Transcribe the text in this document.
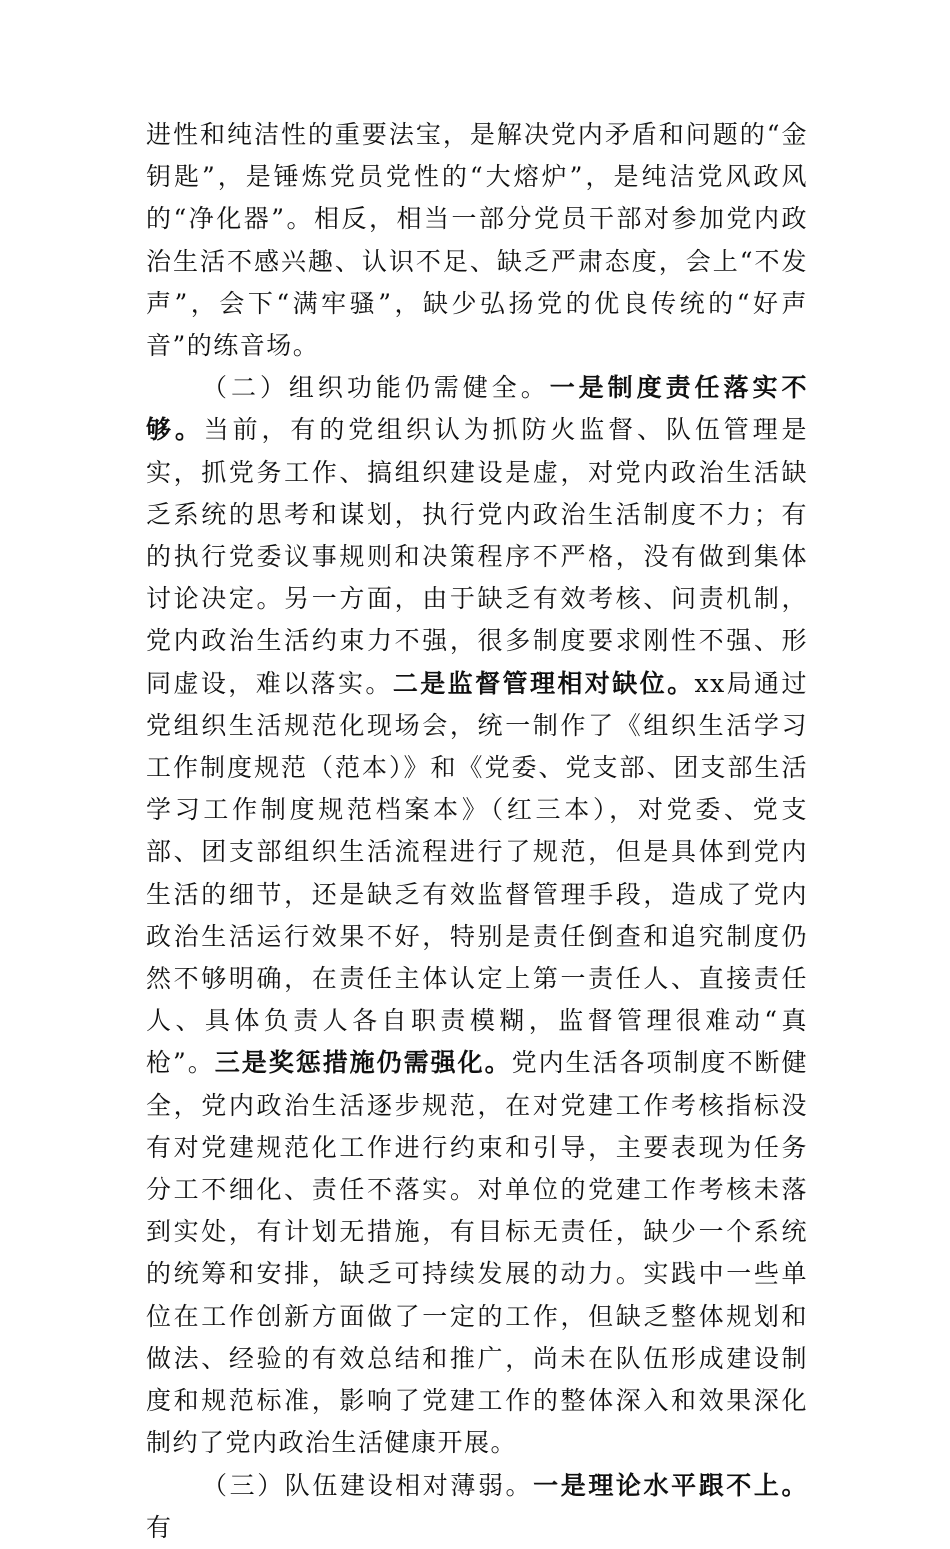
进性和纯洁性的重要法宝，是解决党内矛盾和问题的“金钥匙”，是锤炼党员党性的“大熔炉”，是纯洁党风政风的“净化器”。相反，相当一部分党员干部对参加党内政治生活不感兴趣、认识不足、缺乏严肃态度，会上“不发声”，会下“满牢骚”，缺少弘扬党的优良传统的“好声音”的练音场。

（二）组织功能仍需健全。一是制度责任落实不够。当前，有的党组织认为抓防火监督、队伍管理是实，抓党务工作、搞组织建设是虚，对党内政治生活缺乏系统的思考和谋划，执行党内政治生活制度不力；有的执行党委议事规则和决策程序不严格，没有做到集体讨论决定。另一方面，由于缺乏有效考核、问责机制，党内政治生活约束力不强，很多制度要求刚性不强、形同虚设，难以落实。二是监督管理相对缺位。xx局通过党组织生活规范化现场会，统一制作了《组织生活学习工作制度规范（范本）》和《党委、党支部、团支部生活学习工作制度规范档案本》（红三本），对党委、党支部、团支部组织生活流程进行了规范，但是具体到党内生活的细节，还是缺乏有效监督管理手段，造成了党内政治生活运行效果不好，特别是责任倒查和追究制度仍然不够明确，在责任主体认定上第一责任人、直接责任人、具体负责人各自职责模糊，监督管理很难动“真枪”。三是奖惩措施仍需强化。党内生活各项制度不断健全，党内政治生活逐步规范，在对党建工作考核指标没有对党建规范化工作进行约束和引导，主要表现为任务分工不细化、责任不落实。对单位的党建工作考核未落到实处，有计划无措施，有目标无责任，缺少一个系统的统筹和安排，缺乏可持续发展的动力。实践中一些单位在工作创新方面做了一定的工作，但缺乏整体规划和做法、经验的有效总结和推广，尚未在队伍形成建设制度和规范标准，影响了党建工作的整体深入和效果深化制约了党内政治生活健康开展。

（三）队伍建设相对薄弱。一是理论水平跟不上。有
